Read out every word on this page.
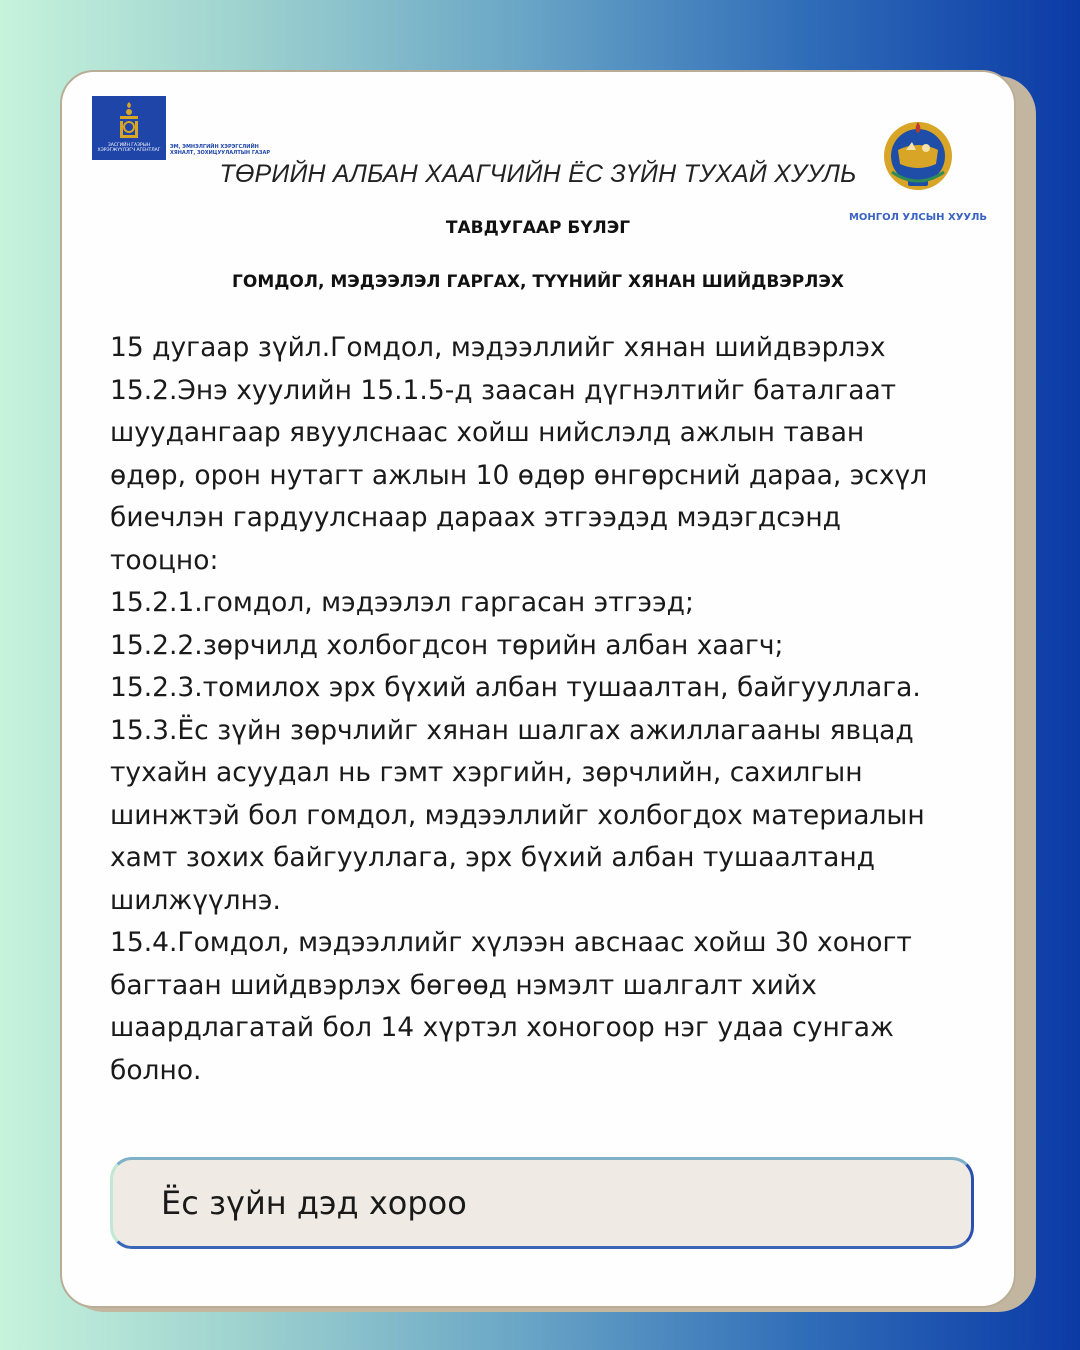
ЗАСГИЙН ГАЗРЫН
ХЭРЭГЖҮҮЛЭГЧ АГЕНТЛАГ
ЭМ, ЭМНЭЛГИЙН ХЭРЭГСЛИЙН
ХЯНАЛТ, ЗОХИЦУУЛАЛТЫН ГАЗАР
МОНГОЛ УЛСЫН ХУУЛЬ
ТӨРИЙН АЛБАН ХААГЧИЙН ЁС ЗҮЙН ТУХАЙ ХУУЛЬ
ТАВДУГААР БҮЛЭГ
ГОМДОЛ, МЭДЭЭЛЭЛ ГАРГАХ, ТҮҮНИЙГ ХЯНАН ШИЙДВЭРЛЭХ
15 дугаар зүйл.Гомдол, мэдээллийг хянан шийдвэрлэх
15.2.Энэ хуулийн 15.1.5-д заасан дүгнэлтийг баталгаат
шуудангаар явуулснаас хойш нийслэлд ажлын таван
өдөр, орон нутагт ажлын 10 өдөр өнгөрсний дараа, эсхүл
биечлэн гардуулснаар дараах этгээдэд мэдэгдсэнд
тооцно:
15.2.1.гомдол, мэдээлэл гаргасан этгээд;
15.2.2.зөрчилд холбогдсон төрийн албан хаагч;
15.2.3.томилох эрх бүхий албан тушаалтан, байгууллага.
15.3.Ёс зүйн зөрчлийг хянан шалгах ажиллагааны явцад
тухайн асуудал нь гэмт хэргийн, зөрчлийн, сахилгын
шинжтэй бол гомдол, мэдээллийг холбогдох материалын
хамт зохих байгууллага, эрх бүхий албан тушаалтанд
шилжүүлнэ.
15.4.Гомдол, мэдээллийг хүлээн авснаас хойш 30 хоногт
багтаан шийдвэрлэх бөгөөд нэмэлт шалгалт хийх
шаардлагатай бол 14 хүртэл хоногоор нэг удаа сунгаж
болно.
Ёс зүйн дэд хороо
